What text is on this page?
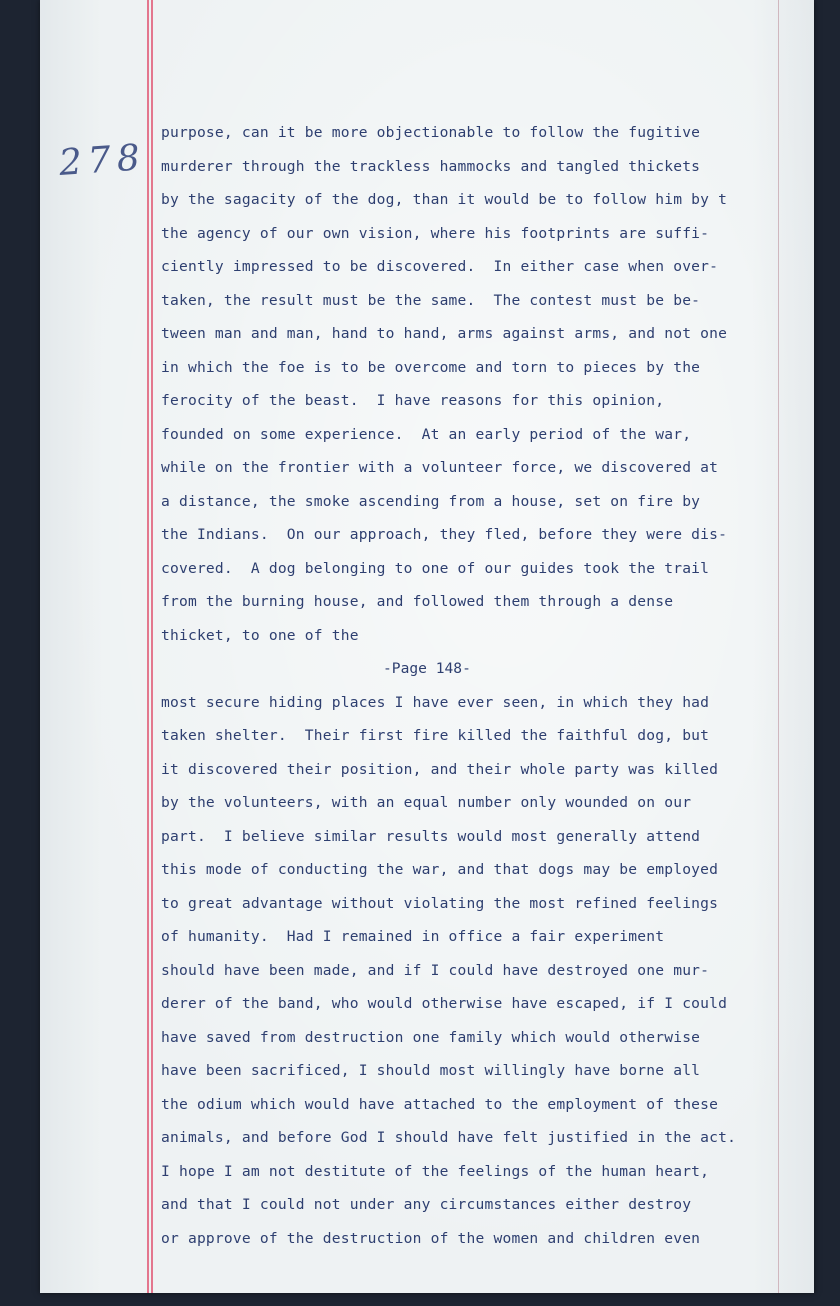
278
purpose, can it be more objectionable to follow the fugitive
murderer through the trackless hammocks and tangled thickets
by the sagacity of the dog, than it would be to follow him by t
the agency of our own vision, where his footprints are suffi-
ciently impressed to be discovered.  In either case when over-
taken, the result must be the same.  The contest must be be-
tween man and man, hand to hand, arms against arms, and not one
in which the foe is to be overcome and torn to pieces by the
ferocity of the beast.  I have reasons for this opinion,
founded on some experience.  At an early period of the war,
while on the frontier with a volunteer force, we discovered at
a distance, the smoke ascending from a house, set on fire by
the Indians.  On our approach, they fled, before they were dis-
covered.  A dog belonging to one of our guides took the trail
from the burning house, and followed them through a dense
thicket, to one of the
-Page 148-
most secure hiding places I have ever seen, in which they had
taken shelter.  Their first fire killed the faithful dog, but
it discovered their position, and their whole party was killed
by the volunteers, with an equal number only wounded on our
part.  I believe similar results would most generally attend
this mode of conducting the war, and that dogs may be employed
to great advantage without violating the most refined feelings
of humanity.  Had I remained in office a fair experiment
should have been made, and if I could have destroyed one mur-
derer of the band, who would otherwise have escaped, if I could
have saved from destruction one family which would otherwise
have been sacrificed, I should most willingly have borne all
the odium which would have attached to the employment of these
animals, and before God I should have felt justified in the act.
I hope I am not destitute of the feelings of the human heart,
and that I could not under any circumstances either destroy
or approve of the destruction of the women and children even
